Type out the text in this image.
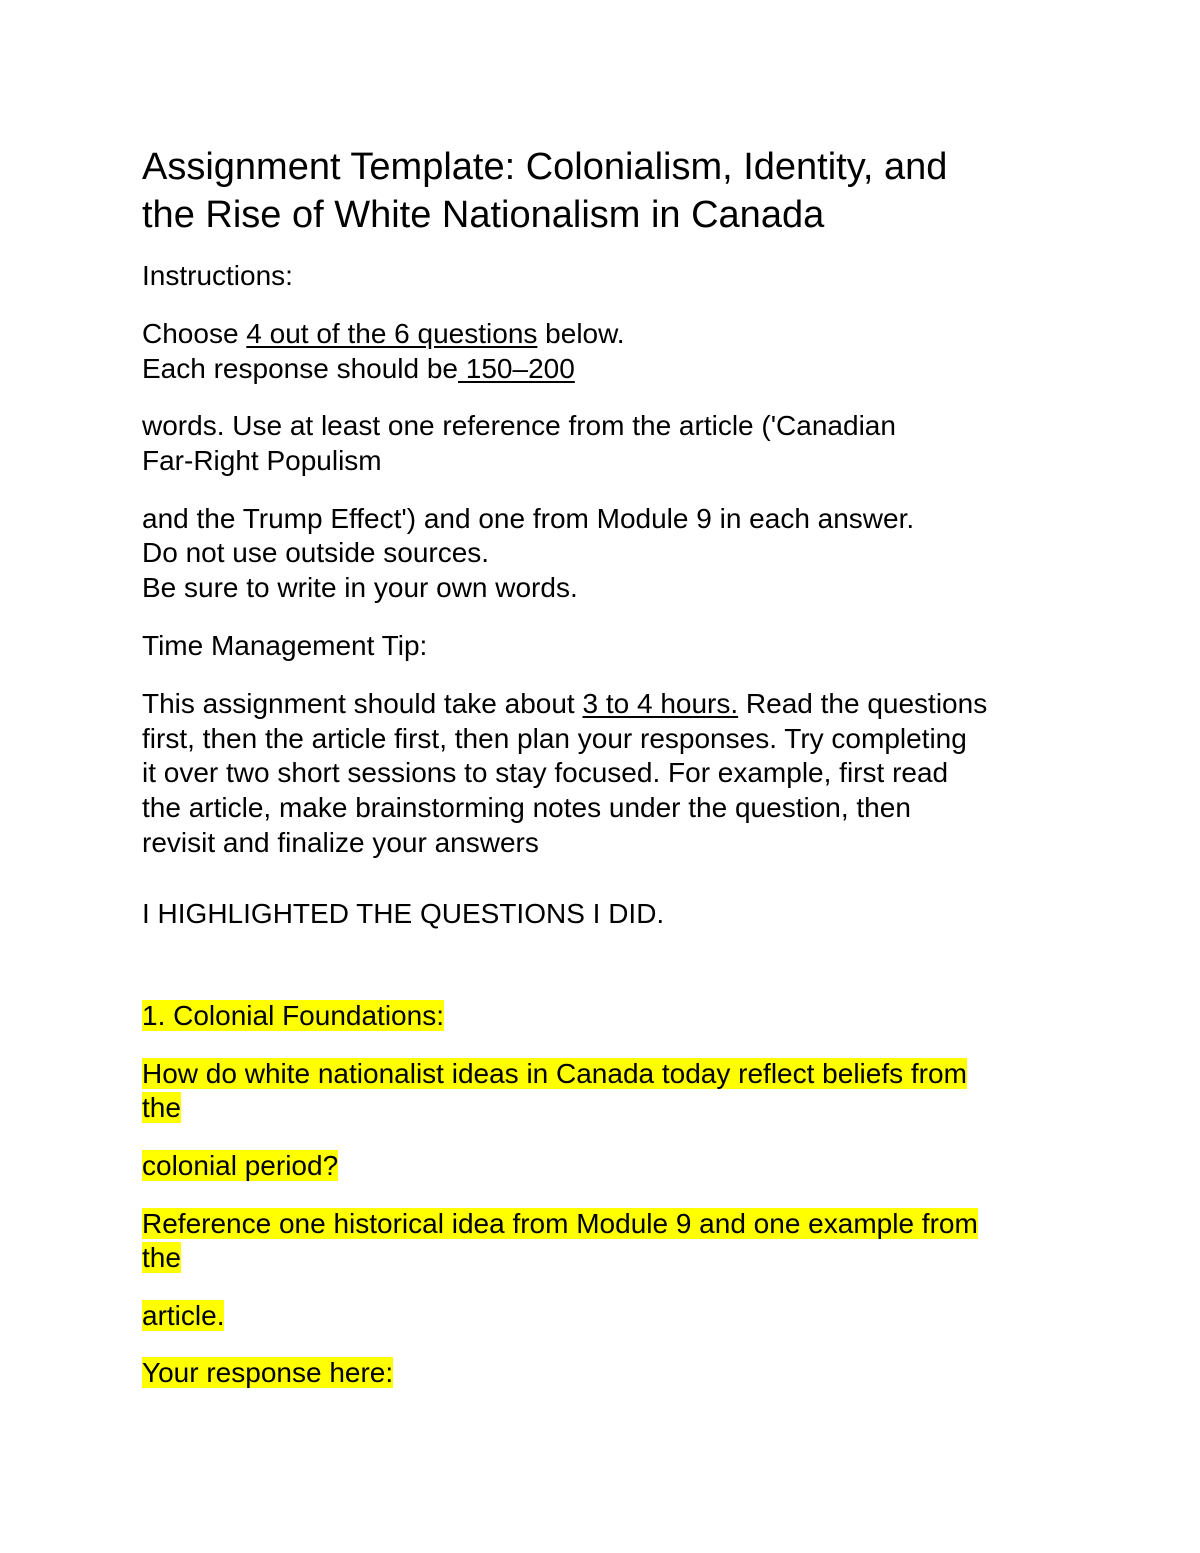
Assignment Template: Colonialism, Identity, and
the Rise of White Nationalism in Canada
Instructions:
Choose 4 out of the 6 questions below.
Each response should be 150–200
words. Use at least one reference from the article ('Canadian
Far-Right Populism
and the Trump Effect') and one from Module 9 in each answer.
Do not use outside sources.
Be sure to write in your own words.
Time Management Tip:
This assignment should take about 3 to 4 hours. Read the questions
first, then the article first, then plan your responses. Try completing
it over two short sessions to stay focused. For example, first read
the article, make brainstorming notes under the question, then
revisit and finalize your answers
I HIGHLIGHTED THE QUESTIONS I DID.
1. Colonial Foundations:
How do white nationalist ideas in Canada today reflect beliefs from
the
colonial period?
Reference one historical idea from Module 9 and one example from
the
article.
Your response here:
